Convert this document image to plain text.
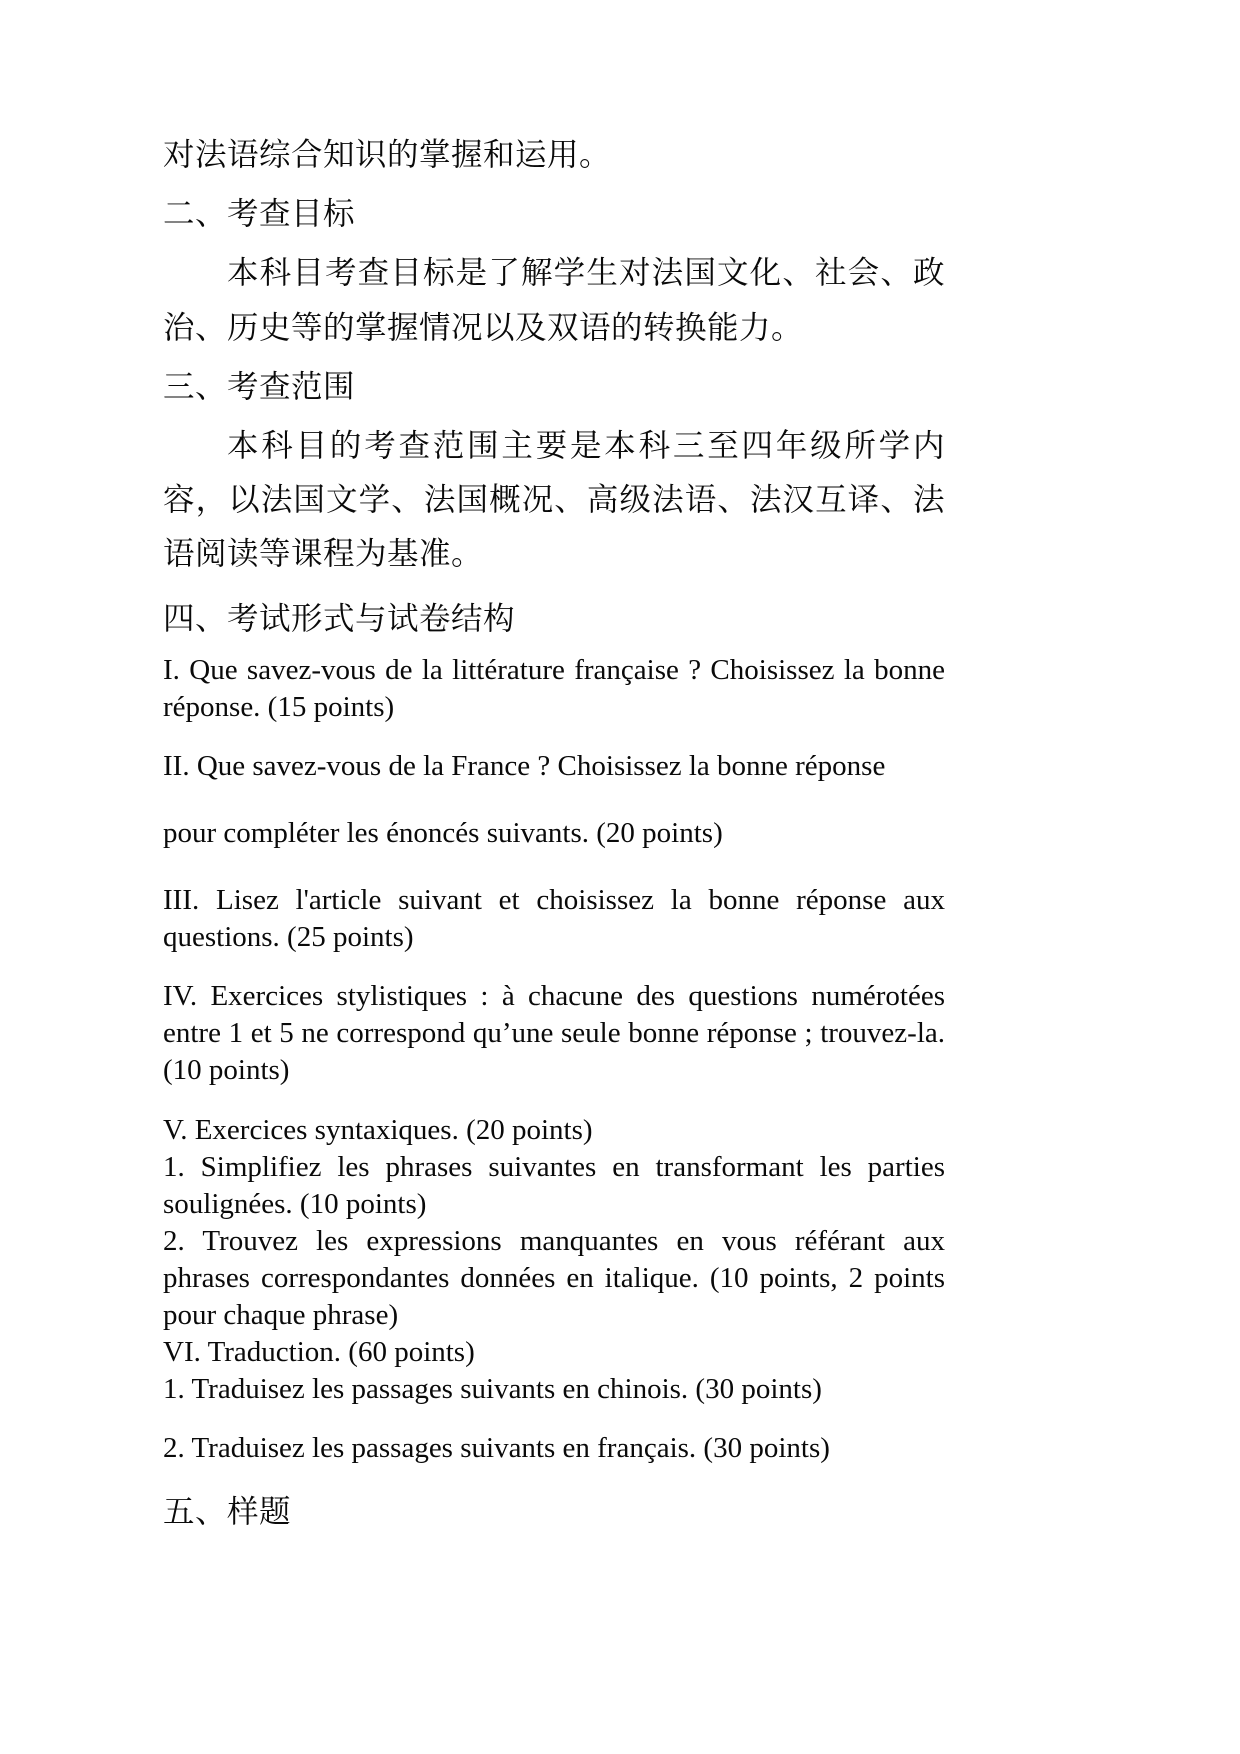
对法语综合知识的掌握和运用。

二、考查目标

本科目考查目标是了解学生对法国文化、社会、政治、历史等的掌握情况以及双语的转换能力。

三、考查范围

本科目的考查范围主要是本科三至四年级所学内容，以法国文学、法国概况、高级法语、法汉互译、法语阅读等课程为基准。

四、考试形式与试卷结构

I. Que savez-vous de la littérature française ? Choisissez la bonne réponse. (15 points)

II. Que savez-vous de la France ? Choisissez la bonne réponse

pour compléter les énoncés suivants. (20 points)

III. Lisez l'article suivant et choisissez la bonne réponse aux questions. (25 points)

IV. Exercices stylistiques : à chacune des questions numérotées entre 1 et 5 ne correspond qu’une seule bonne réponse ; trouvez-la. (10 points)

V. Exercices syntaxiques. (20 points)

1. Simplifiez les phrases suivantes en transformant les parties soulignées. (10 points)

2. Trouvez les expressions manquantes en vous référant aux phrases correspondantes données en italique. (10 points, 2 points pour chaque phrase)

VI. Traduction. (60 points)

1. Traduisez les passages suivants en chinois. (30 points)

2. Traduisez les passages suivants en français. (30 points)

五、样题
